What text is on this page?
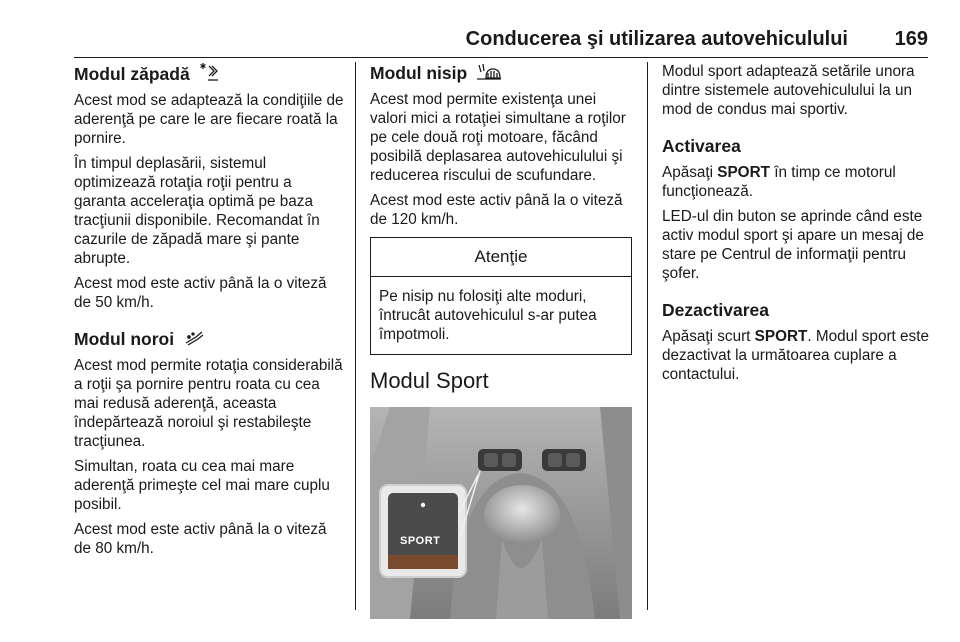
Conducerea şi utilizarea autovehiculului 169
Modul zăpadă

Acest mod se adaptează la condiţiile de aderenţă pe care le are fiecare roată la pornire.

În timpul deplasării, sistemul optimizează rotaţia roţii pentru a garanta acceleraţia optimă pe baza tracţiunii disponibile. Recomandat în cazurile de zăpadă mare şi pante abrupte.

Acest mod este activ până la o viteză de 50 km/h.

Modul noroi

Acest mod permite rotaţia considerabilă a roţii şa pornire pentru roata cu cea mai redusă aderenţă, aceasta îndepărtează noroiul şi restabileşte tracţiunea.

Simultan, roata cu cea mai mare aderenţă primeşte cel mai mare cuplu posibil.

Acest mod este activ până la o viteză de 80 km/h.

Modul nisip

Acest mod permite existenţa unei valori mici a rotaţiei simultane a roţilor pe cele două roţi motoare, făcând posibilă deplasarea autovehiculului şi reducerea riscului de scufundare.

Acest mod este activ până la o viteză de 120 km/h.

Atenţie
Pe nisip nu folosiţi alte moduri, întrucât autovehiculul s-ar putea împotmoli.
Modul Sport
SPORT

Modul sport adaptează setările unora dintre sistemele autovehiculului la un mod de condus mai sportiv.

Activarea

Apăsaţi SPORT în timp ce motorul funcţionează.

LED-ul din buton se aprinde când este activ modul sport şi apare un mesaj de stare pe Centrul de informaţii pentru şofer.

Dezactivarea

Apăsaţi scurt SPORT. Modul sport este dezactivat la următoarea cuplare a contactului.
